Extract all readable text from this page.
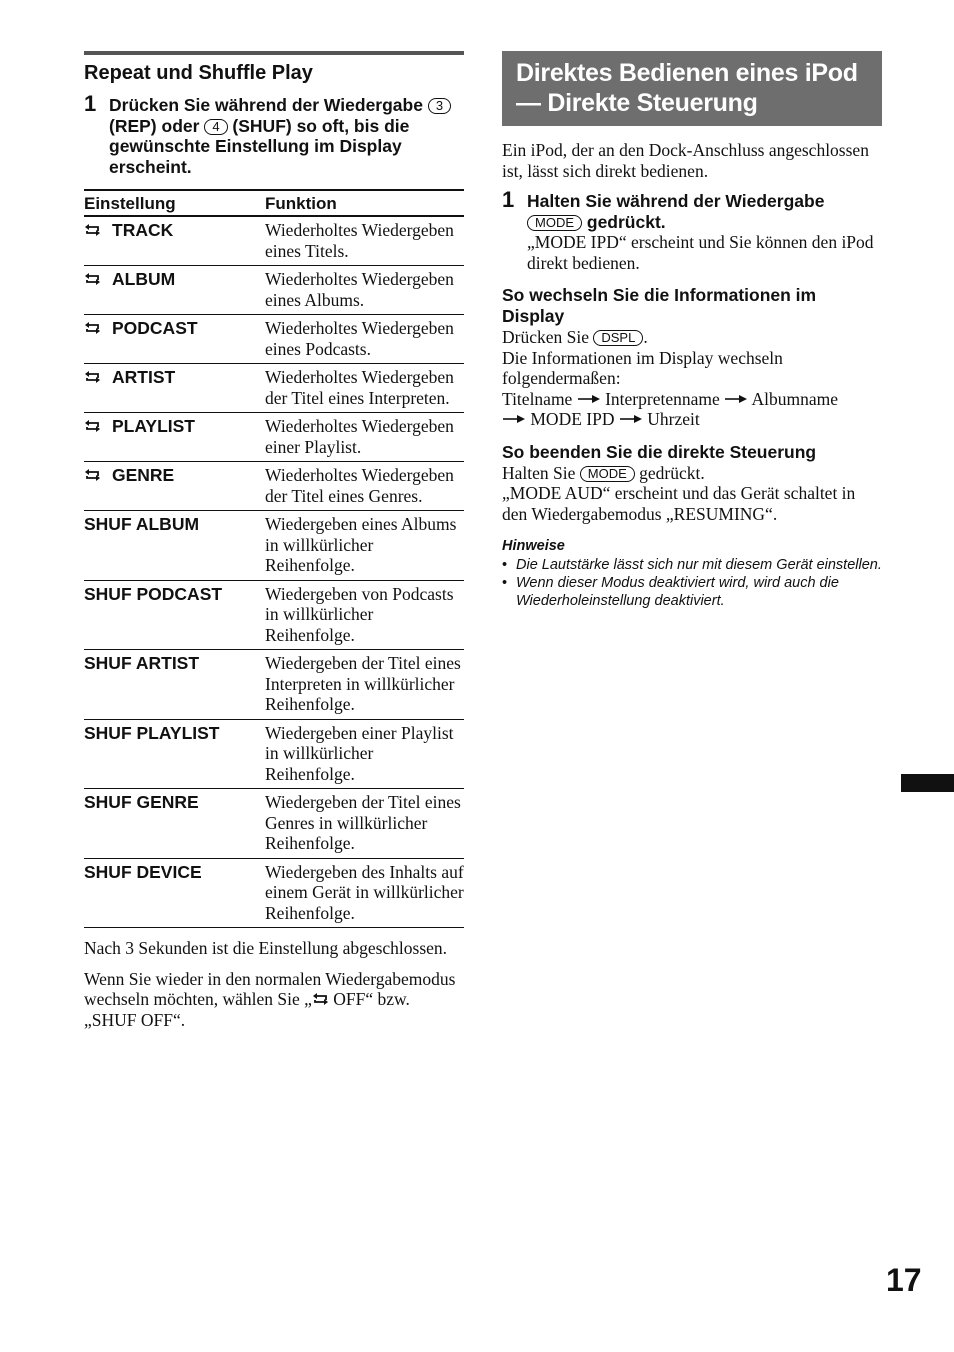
Repeat und Shuffle Play
1 Drücken Sie während der Wiedergabe 3 (REP) oder 4 (SHUF) so oft, bis die gewünschte Einstellung im Display erscheint.
Einstellung	Funktion
TRACK	Wiederholtes Wiedergeben eines Titels.
ALBUM	Wiederholtes Wiedergeben eines Albums.
PODCAST	Wiederholtes Wiedergeben eines Podcasts.
ARTIST	Wiederholtes Wiedergeben der Titel eines Interpreten.
PLAYLIST	Wiederholtes Wiedergeben einer Playlist.
GENRE	Wiederholtes Wiedergeben der Titel eines Genres.
SHUF ALBUM	Wiedergeben eines Albums in willkürlicher Reihenfolge.
SHUF PODCAST	Wiedergeben von Podcasts in willkürlicher Reihenfolge.
SHUF ARTIST	Wiedergeben der Titel eines Interpreten in willkürlicher Reihenfolge.
SHUF PLAYLIST	Wiedergeben einer Playlist in willkürlicher Reihenfolge.
SHUF GENRE	Wiedergeben der Titel eines Genres in willkürlicher Reihenfolge.
SHUF DEVICE	Wiedergeben des Inhalts auf einem Gerät in willkürlicher Reihenfolge.
Nach 3 Sekunden ist die Einstellung abgeschlossen.
Wenn Sie wieder in den normalen Wiedergabemodus wechseln möchten, wählen Sie „ OFF“ bzw. „SHUF OFF“.
Direktes Bedienen eines iPod
— Direkte Steuerung
Ein iPod, der an den Dock-Anschluss angeschlossen ist, lässt sich direkt bedienen.
1 Halten Sie während der Wiedergabe MODE gedrückt.
„MODE IPD“ erscheint und Sie können den iPod direkt bedienen.
So wechseln Sie die Informationen im Display
Drücken Sie DSPL .
Die Informationen im Display wechseln folgendermaßen:
Titelname Interpretenname Albumname
MODE IPD Uhrzeit
So beenden Sie die direkte Steuerung
Halten Sie MODE gedrückt.
„MODE AUD“ erscheint und das Gerät schaltet in den Wiedergabemodus „RESUMING“.
Hinweise
• Die Lautstärke lässt sich nur mit diesem Gerät einstellen.
• Wenn dieser Modus deaktiviert wird, wird auch die Wiederholeinstellung deaktiviert.
17
